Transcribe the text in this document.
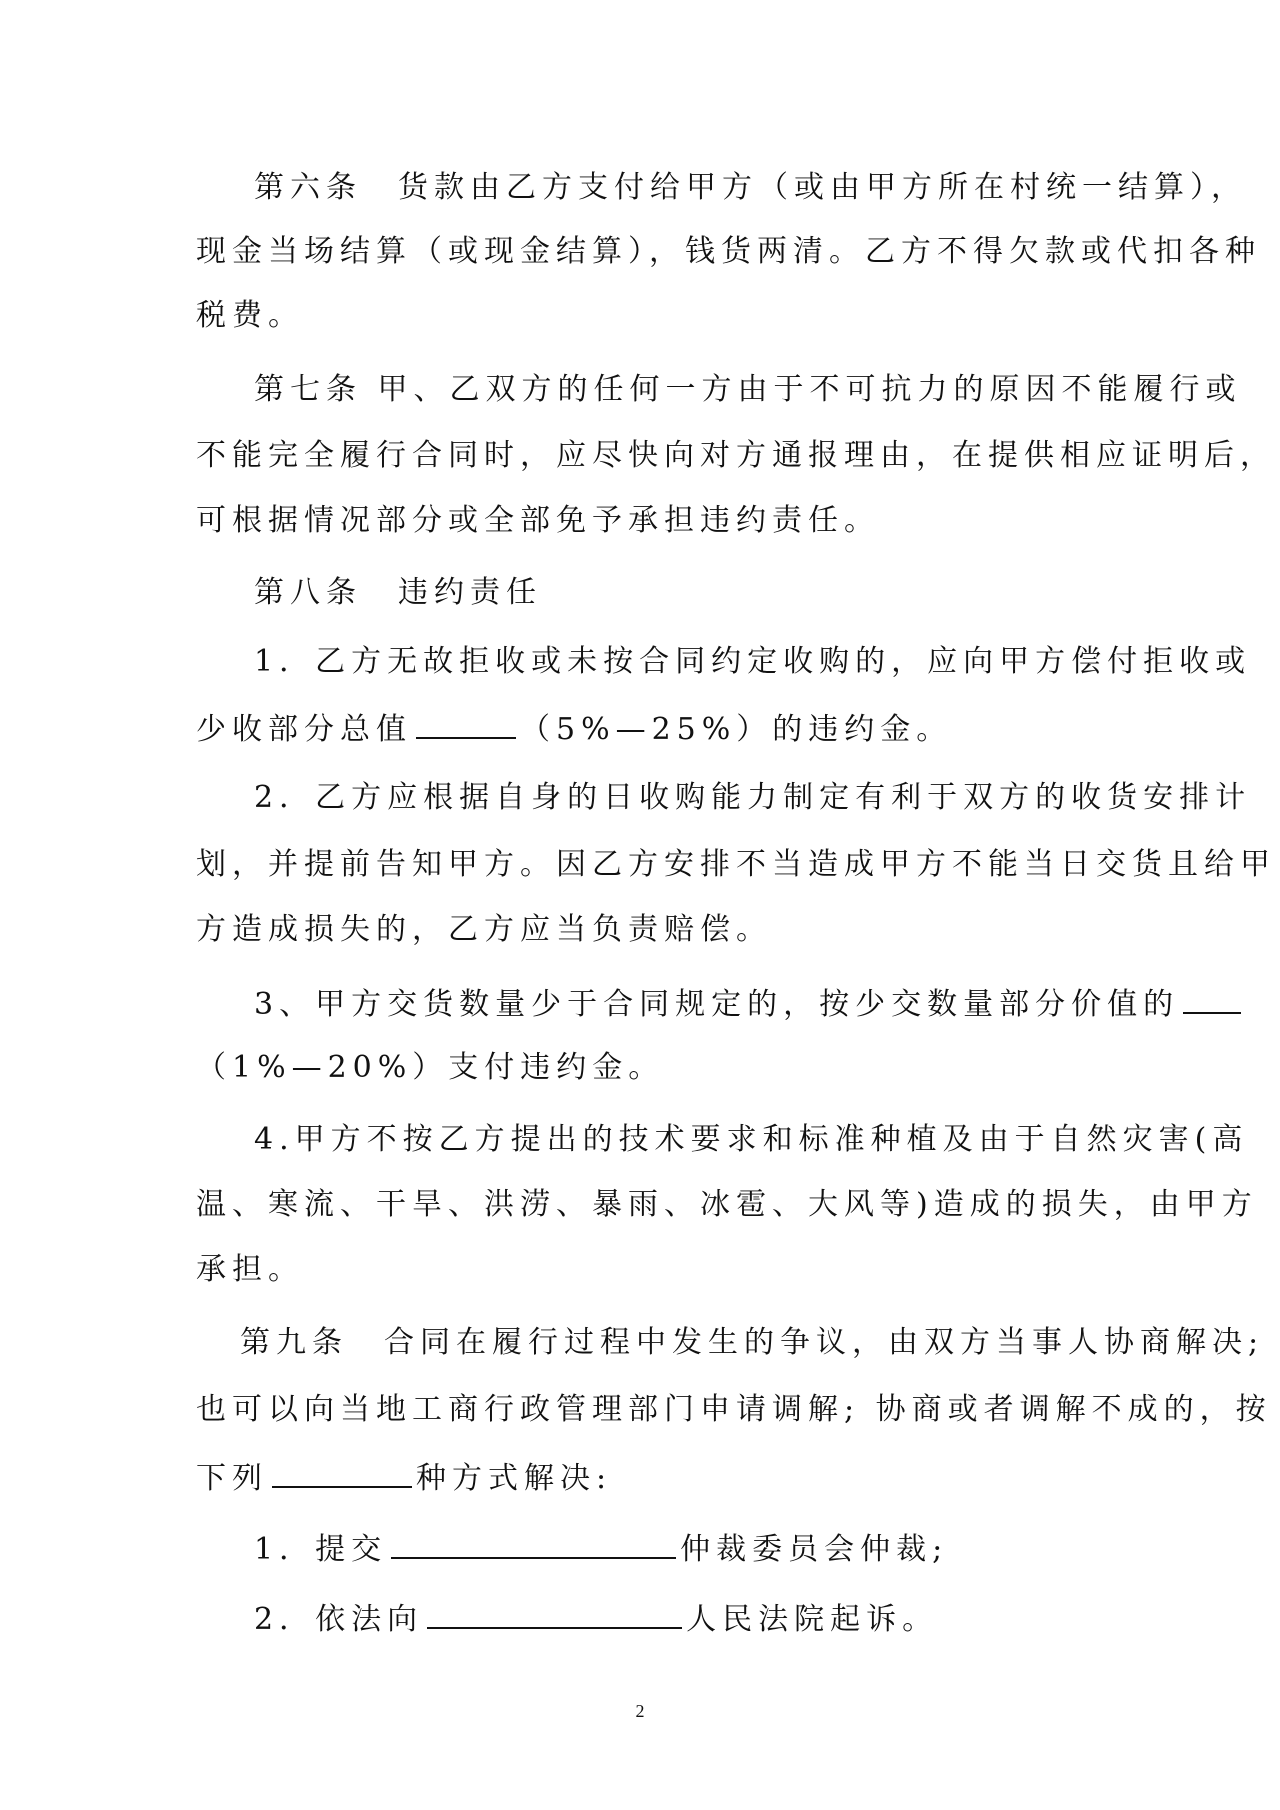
第六条　货款由乙方支付给甲方（或由甲方所在村统一结算），
现金当场结算（或现金结算），钱货两清。乙方不得欠款或代扣各种
税费。
第七条 甲、乙双方的任何一方由于不可抗力的原因不能履行或
不能完全履行合同时，应尽快向对方通报理由，在提供相应证明后，
可根据情况部分或全部免予承担违约责任。
第八条　违约责任
1．乙方无故拒收或未按合同约定收购的，应向甲方偿付拒收或
少收部分总值	（5%—25%）的违约金。
2．乙方应根据自身的日收购能力制定有利于双方的收货安排计
划，并提前告知甲方。因乙方安排不当造成甲方不能当日交货且给甲
方造成损失的，乙方应当负责赔偿。
3、甲方交货数量少于合同规定的，按少交数量部分价值的
（1%—20%）支付违约金。
4.甲方不按乙方提出的技术要求和标准种植及由于自然灾害(高
温、寒流、干旱、洪涝、暴雨、冰雹、大风等)造成的损失，由甲方
承担。
第九条　合同在履行过程中发生的争议，由双方当事人协商解决;
也可以向当地工商行政管理部门申请调解; 协商或者调解不成的，按
下列	种方式解决:
1．提交	仲裁委员会仲裁;
2．依法向	人民法院起诉。
2
